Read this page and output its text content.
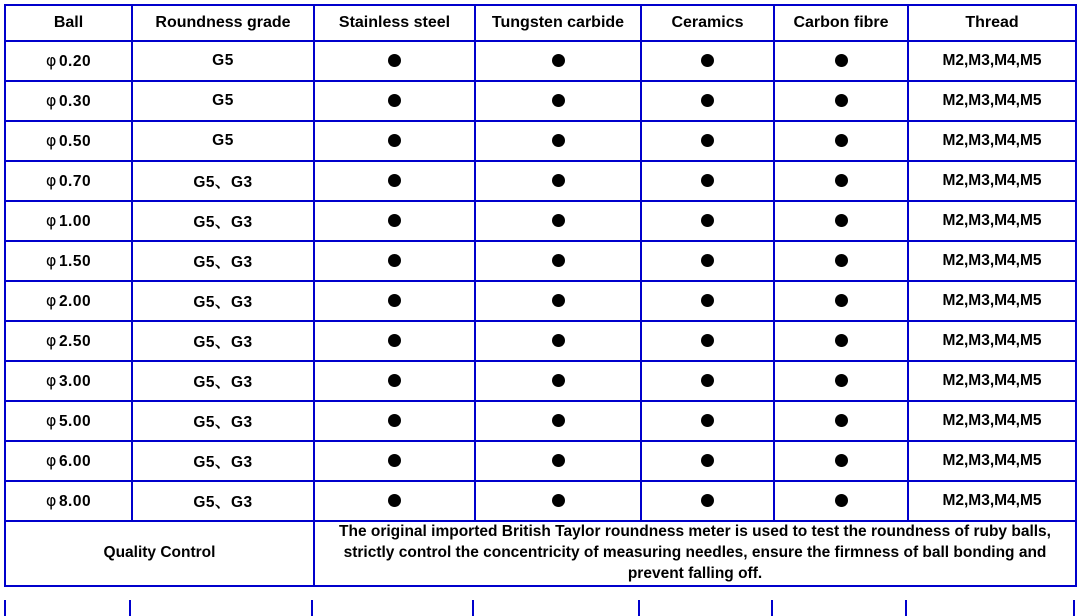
Ball	Roundness grade	Stainless steel	Tungsten carbide	Ceramics	Carbon fibre	Thread
φ 0.20	G5					M2,M3,M4,M5
φ 0.30	G5					M2,M3,M4,M5
φ 0.50	G5					M2,M3,M4,M5
φ 0.70	G5、G3					M2,M3,M4,M5
φ 1.00	G5、G3					M2,M3,M4,M5
φ 1.50	G5、G3					M2,M3,M4,M5
φ 2.00	G5、G3					M2,M3,M4,M5
φ 2.50	G5、G3					M2,M3,M4,M5
φ 3.00	G5、G3					M2,M3,M4,M5
φ 5.00	G5、G3					M2,M3,M4,M5
φ 6.00	G5、G3					M2,M3,M4,M5
φ 8.00	G5、G3					M2,M3,M4,M5
Quality Control		The original imported British Taylor roundness meter is used to test the roundness of ruby balls, strictly control the concentricity of measuring needles, ensure the firmness of ball bonding and prevent falling off.				
